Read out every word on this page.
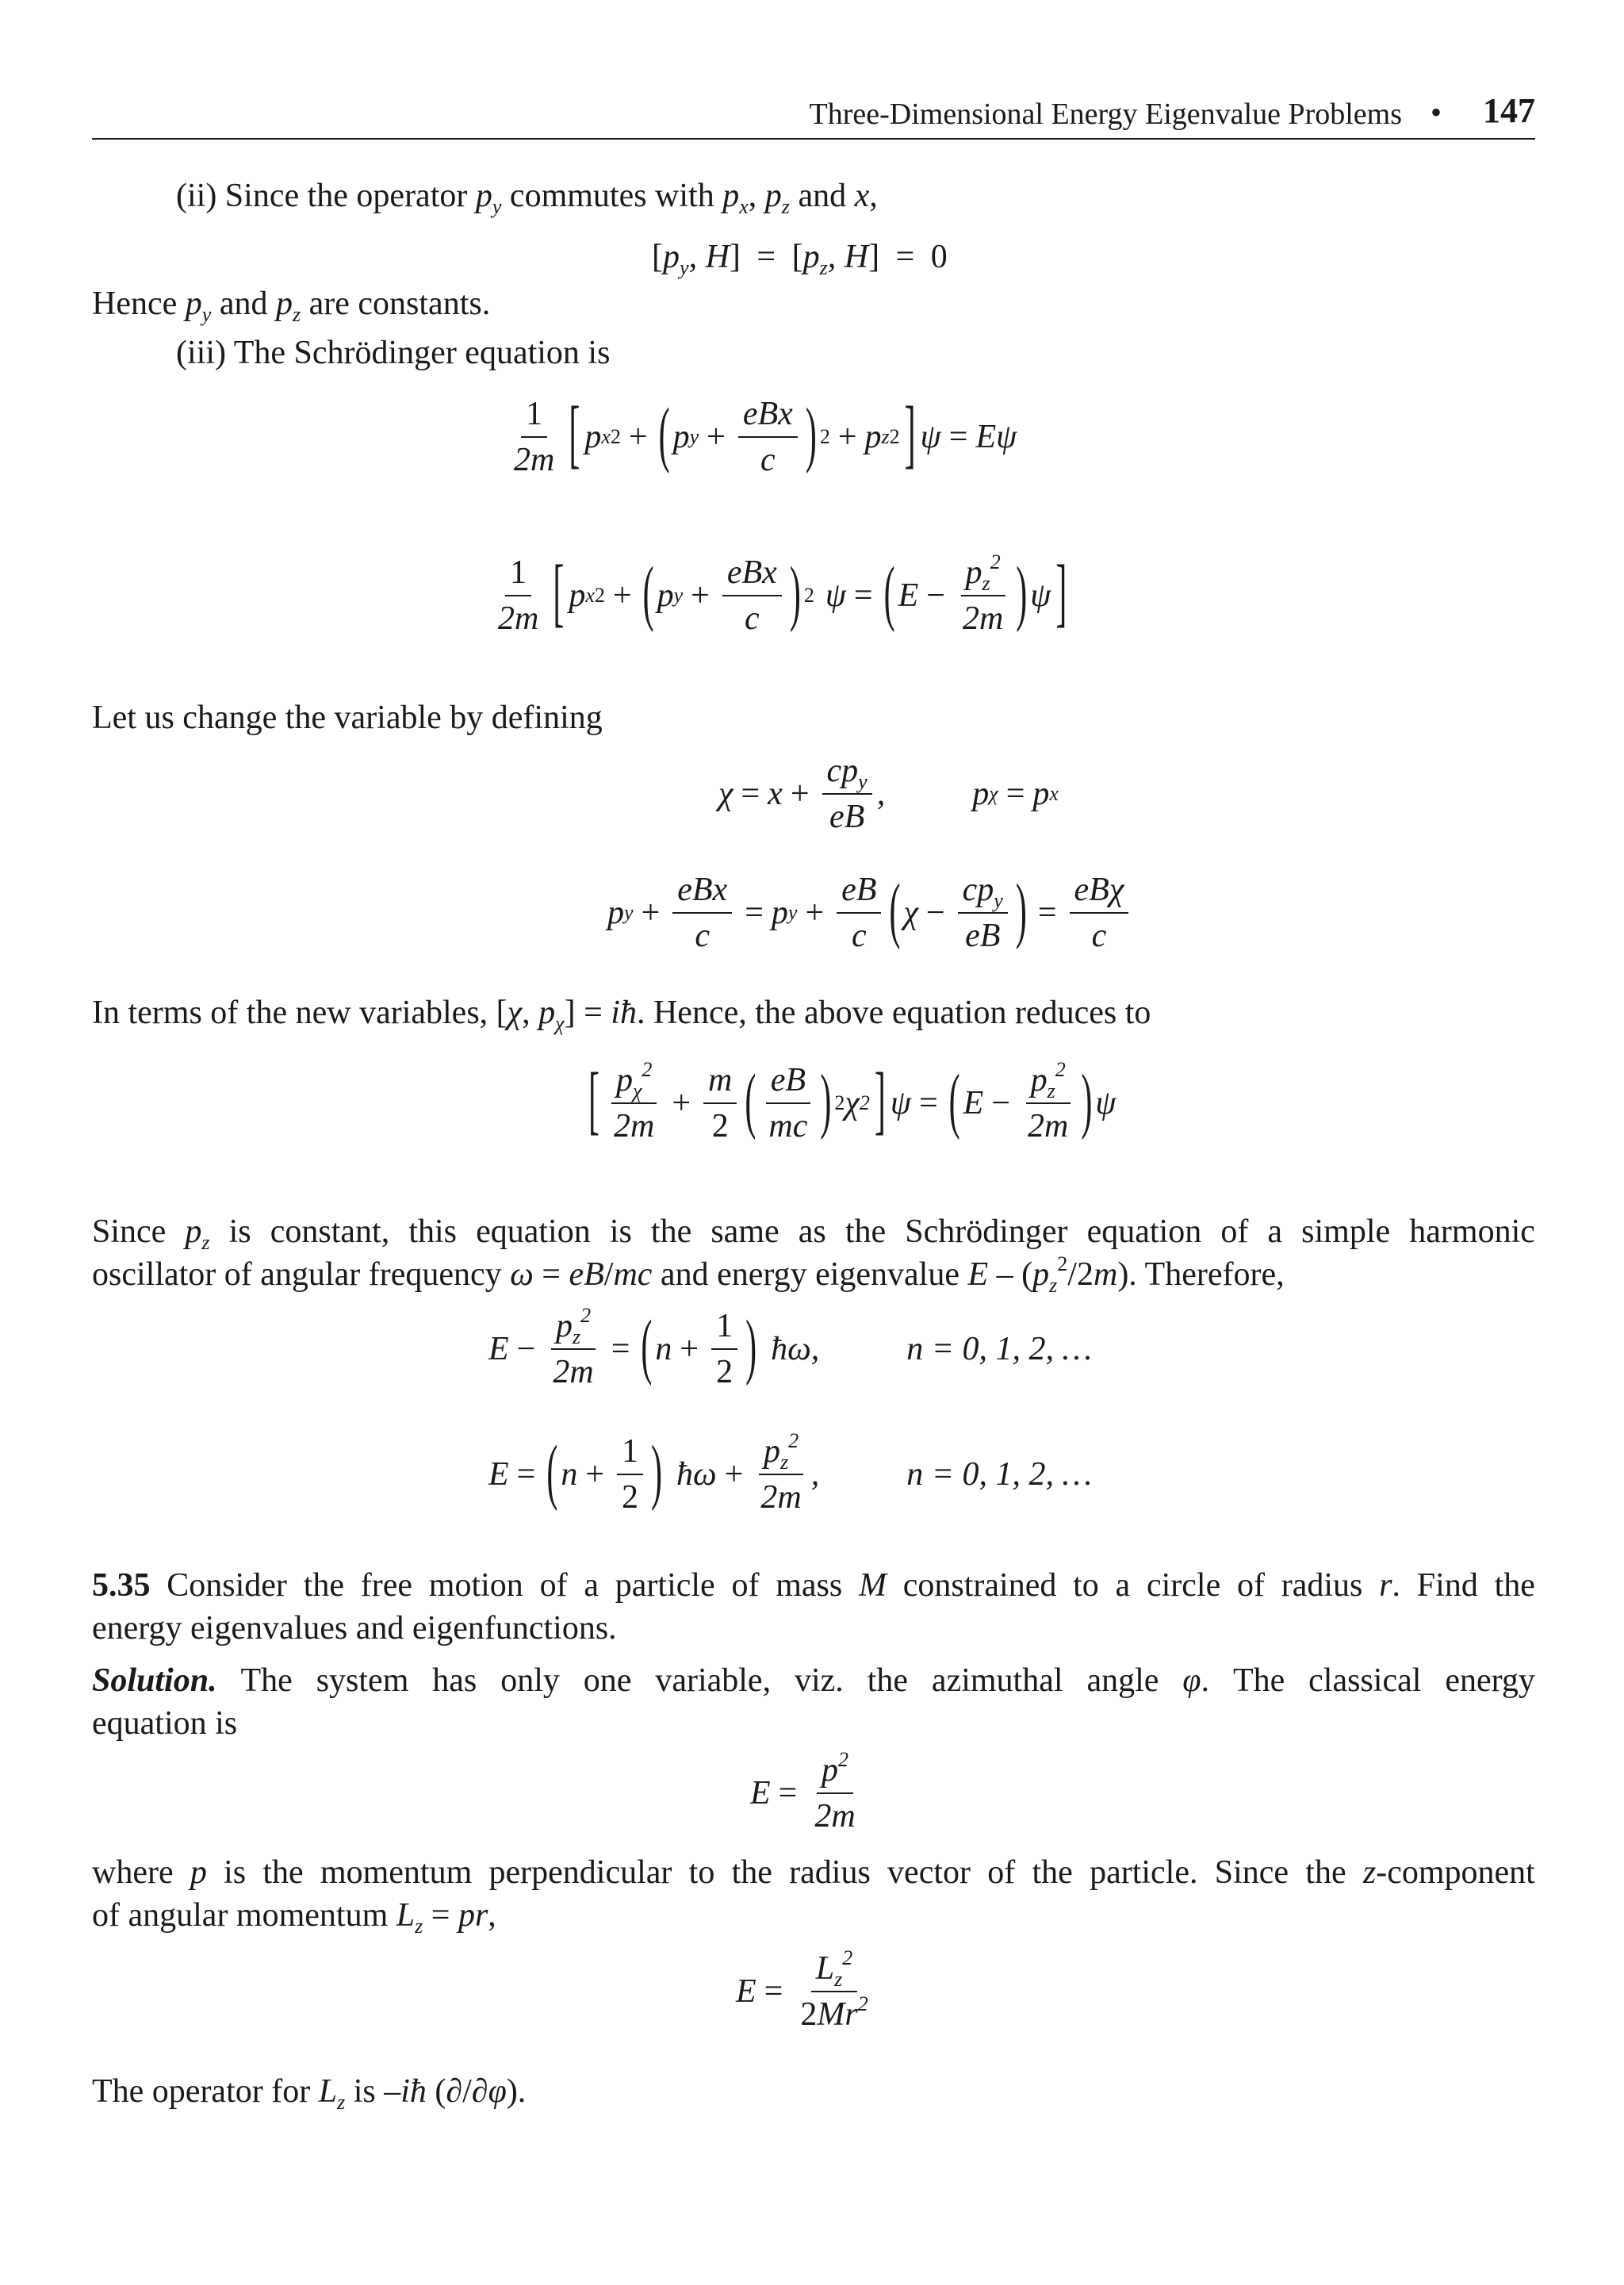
Three-Dimensional Energy Eigenvalue Problems • 147
(ii) Since the operator $p_y$ commutes with $p_x$, $p_z$ and x,
[$p_y$, $H] = [p_z$, H] = 0
Hence $p_y$ and $p_z$ are constants.
(iii) The Schrödinger equation is
$\frac{1}{2m}$ [ p x 2 + ( p $y + \frac{\text{eBx}}{c}$ ) 2 + p z 2 ] ψ = Eψ
$\frac{1}{2m}$ [ p x 2 + ( p $y + \frac{\text{eBx}}{c}$ ) 2 ψ = ( $E - \frac{p_z^2}{2m}$ ) ψ ]
Let us change the variable by defining
$\chi = x + \frac{cp_y}{eB}$ ,	p χ = p x
p $y + \frac{\text{eBx}}{c} = p$ $y + \frac{eB}{c}$ ( $\chi - \frac{cp_y}{eB}$ ) = $\frac{\text{eBχ}}{c}$
In terms of the new variables, [χ, $p_\chi$] = iħ. Hence, the above equation reduces to
[ $\frac{p_\chi^2}{2m} + \frac{m}{2}$ ( $\frac{eB}{mc}$ ) 2 χ 2 ] ψ = ( $E - \frac{p_z^2}{2m}$ ) ψ
Since $p_z$ is constant, this equation is the same as the Schrödinger equation of a simple harmonic
oscillator of angular frequency ω = eB/mc and energy eigenvalue E – $(p_z^2/2m)$. Therefore,
$E - \frac{p_z^2}{2m}$ = ( $n + \frac{1}{2}$ ) ħω ,	n = 0, 1, 2, …
E = ( $n + \frac{1}{2}$ ) ħω + $\frac{p_z^2}{2m}$ ,	n = 0, 1, 2, …
5.35 Consider the free motion of a particle of mass M constrained to a circle of radius r. Find the
energy eigenvalues and eigenfunctions.
Solution. The system has only one variable, viz. the azimuthal angle φ. The classical energy
equation is
$E = \frac{p^2}{2m}$
where p is the momentum perpendicular to the radius vector of the particle. Since the z-component
of angular momentum $L_z$ = pr,
$E = \frac{L_z^2}{2Mr^2}$
The operator for $L_z$ is –iħ (∂/∂φ).
